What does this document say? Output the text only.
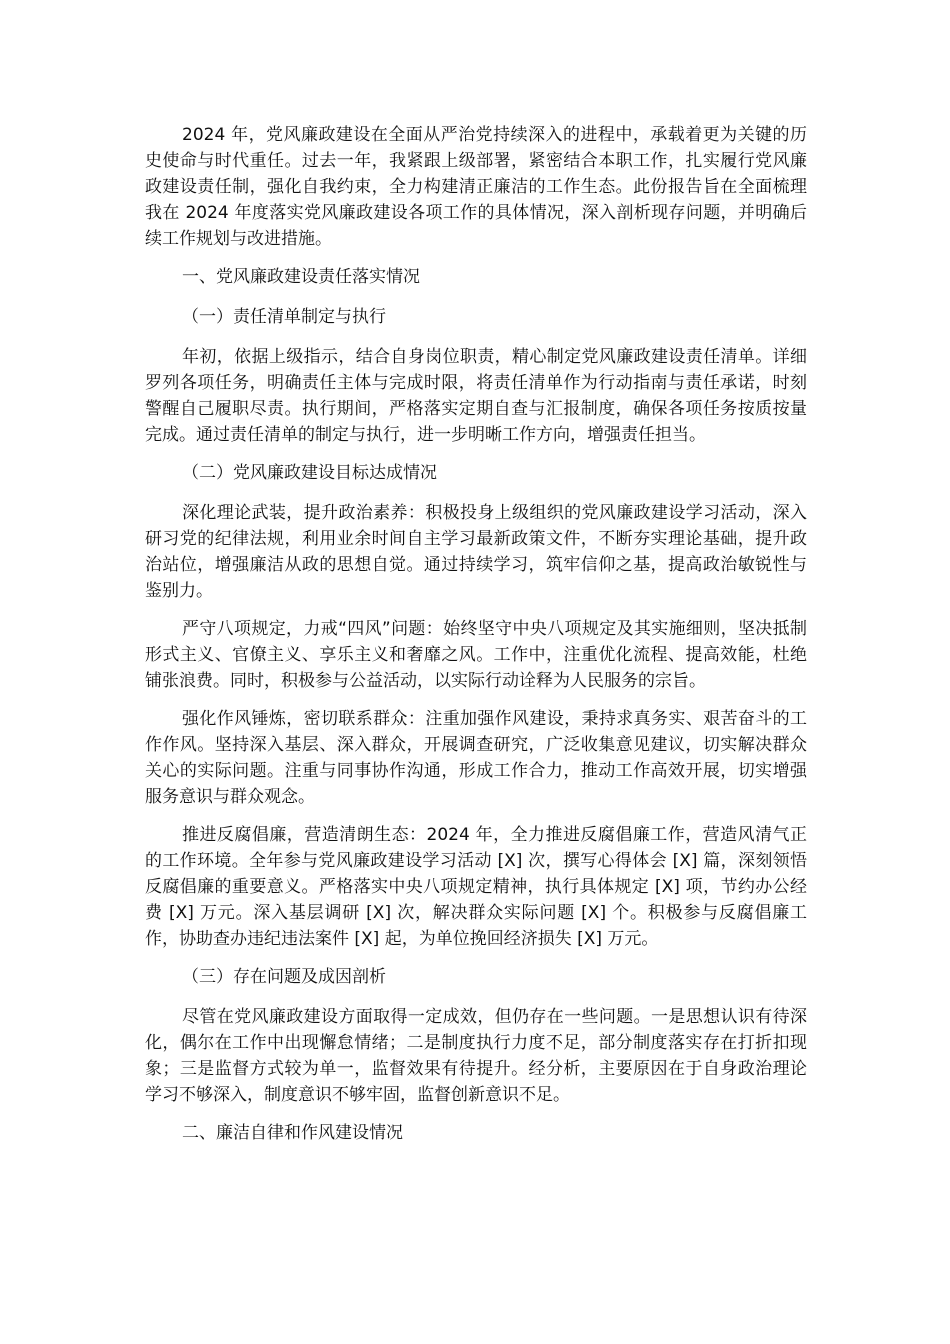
2024 年，党风廉政建设在全面从严治党持续深入的进程中，承载着更为关键的历史使命与时代重任。过去一年，我紧跟上级部署，紧密结合本职工作，扎实履行党风廉政建设责任制，强化自我约束，全力构建清正廉洁的工作生态。此份报告旨在全面梳理我在 2024 年度落实党风廉政建设各项工作的具体情况，深入剖析现存问题，并明确后续工作规划与改进措施。

一、党风廉政建设责任落实情况

（一）责任清单制定与执行

年初，依据上级指示，结合自身岗位职责，精心制定党风廉政建设责任清单。详细罗列各项任务，明确责任主体与完成时限，将责任清单作为行动指南与责任承诺，时刻警醒自己履职尽责。执行期间，严格落实定期自查与汇报制度，确保各项任务按质按量完成。通过责任清单的制定与执行，进一步明晰工作方向，增强责任担当。

（二）党风廉政建设目标达成情况

深化理论武装，提升政治素养：积极投身上级组织的党风廉政建设学习活动，深入研习党的纪律法规，利用业余时间自主学习最新政策文件，不断夯实理论基础，提升政治站位，增强廉洁从政的思想自觉。通过持续学习，筑牢信仰之基，提高政治敏锐性与鉴别力。

严守八项规定，力戒“四风”问题：始终坚守中央八项规定及其实施细则，坚决抵制形式主义、官僚主义、享乐主义和奢靡之风。工作中，注重优化流程、提高效能，杜绝铺张浪费。同时，积极参与公益活动，以实际行动诠释为人民服务的宗旨。

强化作风锤炼，密切联系群众：注重加强作风建设，秉持求真务实、艰苦奋斗的工作作风。坚持深入基层、深入群众，开展调查研究，广泛收集意见建议，切实解决群众关心的实际问题。注重与同事协作沟通，形成工作合力，推动工作高效开展，切实增强服务意识与群众观念。

推进反腐倡廉，营造清朗生态：2024 年，全力推进反腐倡廉工作，营造风清气正的工作环境。全年参与党风廉政建设学习活动 [X] 次，撰写心得体会 [X] 篇，深刻领悟反腐倡廉的重要意义。严格落实中央八项规定精神，执行具体规定 [X] 项，节约办公经费 [X] 万元。深入基层调研 [X] 次，解决群众实际问题 [X] 个。积极参与反腐倡廉工作，协助查办违纪违法案件 [X] 起，为单位挽回经济损失 [X] 万元。

（三）存在问题及成因剖析

尽管在党风廉政建设方面取得一定成效，但仍存在一些问题。一是思想认识有待深化，偶尔在工作中出现懈怠情绪；二是制度执行力度不足，部分制度落实存在打折扣现象；三是监督方式较为单一，监督效果有待提升。经分析，主要原因在于自身政治理论学习不够深入，制度意识不够牢固，监督创新意识不足。

二、廉洁自律和作风建设情况
